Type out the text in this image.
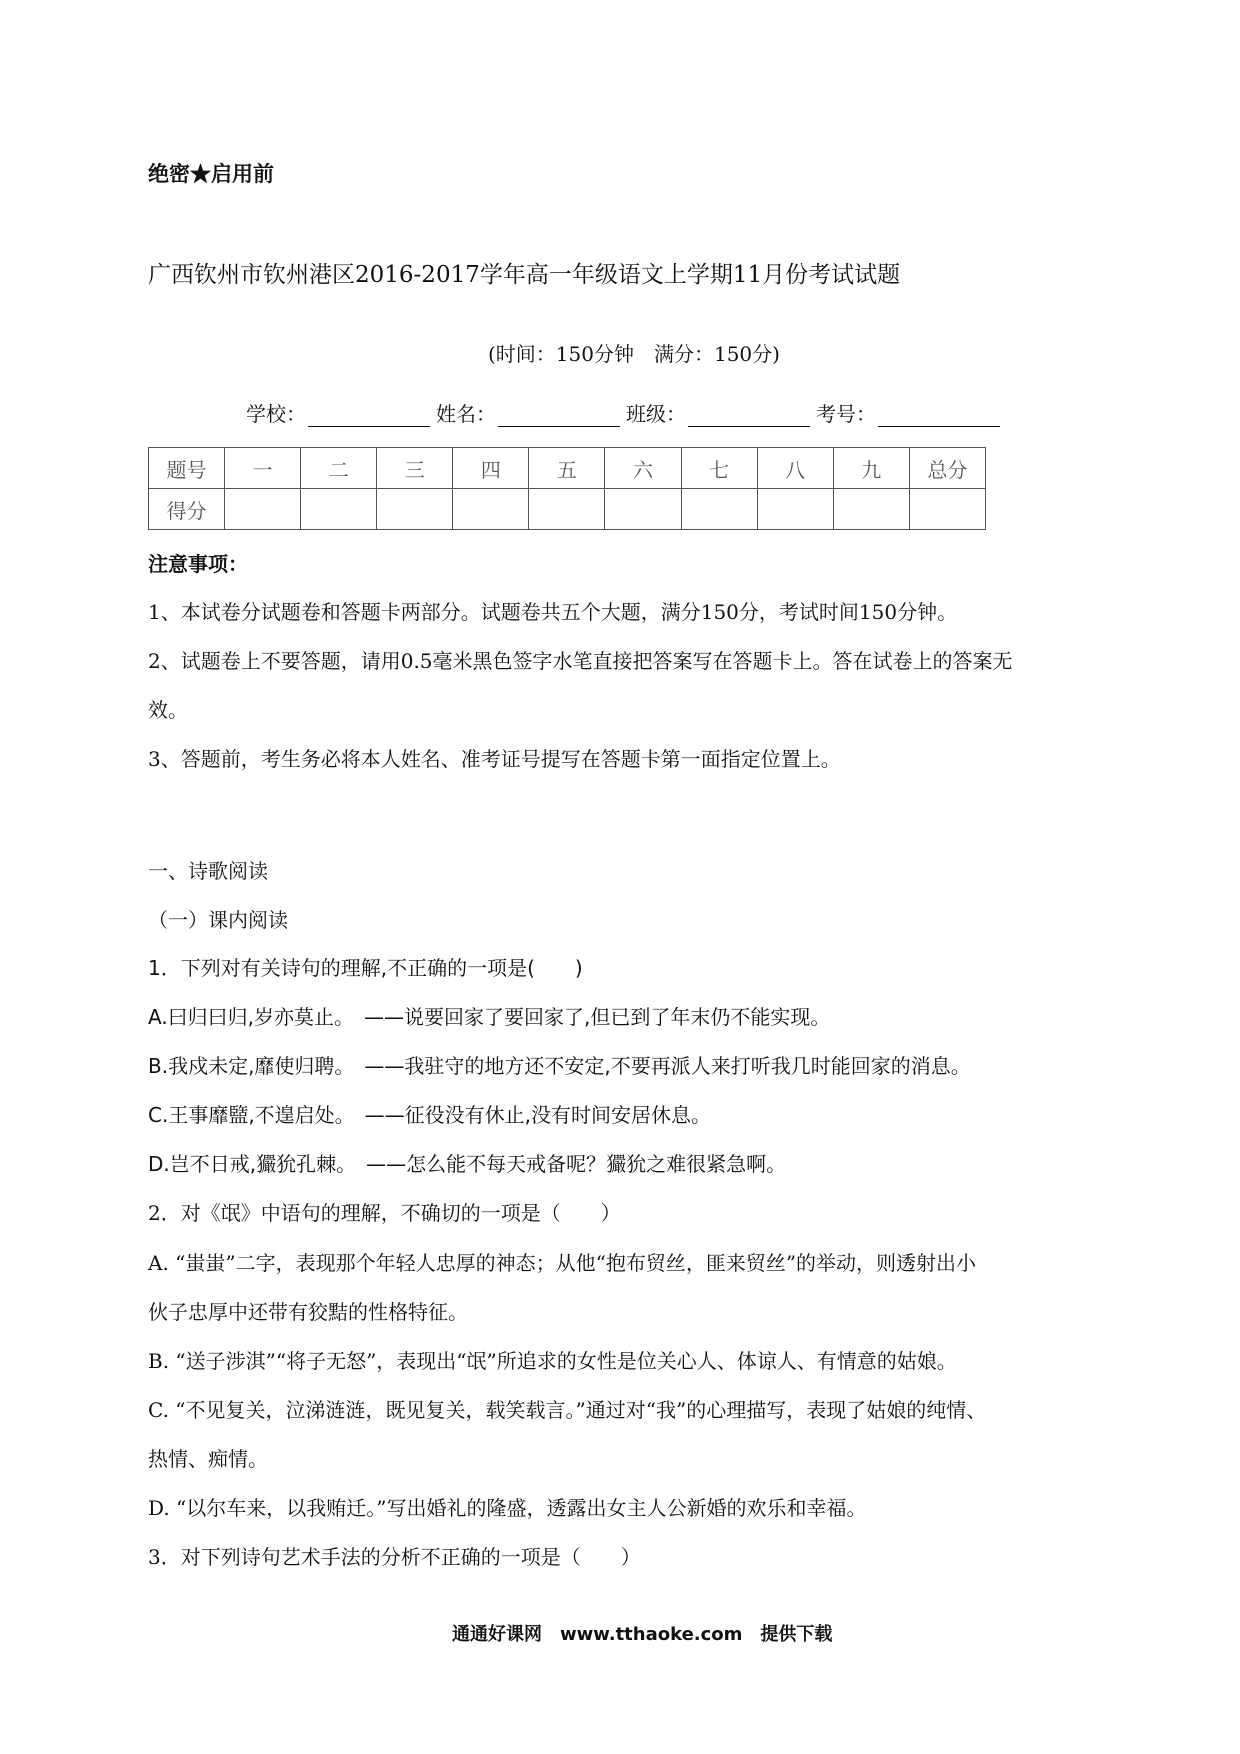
绝密★启用前
广西钦州市钦州港区2016-2017学年高一年级语文上学期11月份考试试题
(时间：150分钟　满分：150分)
学校：	姓名：	班级：	考号：
题号	一	二	三	四	五	六	七	八	九	总分
得分										
注意事项：
1、本试卷分试题卷和答题卡两部分。试题卷共五个大题，满分150分，考试时间150分钟。
2、试题卷上不要答题，请用0.5毫米黑色签字水笔直接把答案写在答题卡上。答在试卷上的答案无
效。
3、答题前，考生务必将本人姓名、准考证号提写在答题卡第一面指定位置上。
一、诗歌阅读
（一）课内阅读
1．下列对有关诗句的理解,不正确的一项是(　　)
A.曰归曰归,岁亦莫止。　——说要回家了要回家了,但已到了年末仍不能实现。
B.我戍未定,靡使归聘。　——我驻守的地方还不安定,不要再派人来打听我几时能回家的消息。
C.王事靡盬,不遑启处。　——征役没有休止,没有时间安居休息。
D.岂不日戒,玁狁孔棘。　——怎么能不每天戒备呢？玁狁之难很紧急啊。
2．对《氓》中语句的理解，不确切的一项是（　　）
A. “蚩蚩”二字，表现那个年轻人忠厚的神态；从他“抱布贸丝，匪来贸丝”的举动，则透射出小
伙子忠厚中还带有狡黠的性格特征。
B. “送子涉淇”“将子无怒”，表现出“氓”所追求的女性是位关心人、体谅人、有情意的姑娘。
C. “不见复关，泣涕涟涟，既见复关，载笑载言。”通过对“我”的心理描写，表现了姑娘的纯情、
热情、痴情。
D. “以尔车来，以我贿迁。”写出婚礼的隆盛，透露出女主人公新婚的欢乐和幸福。
3．对下列诗句艺术手法的分析不正确的一项是（　　）
通通好课网　www.tthaoke.com　提供下载
